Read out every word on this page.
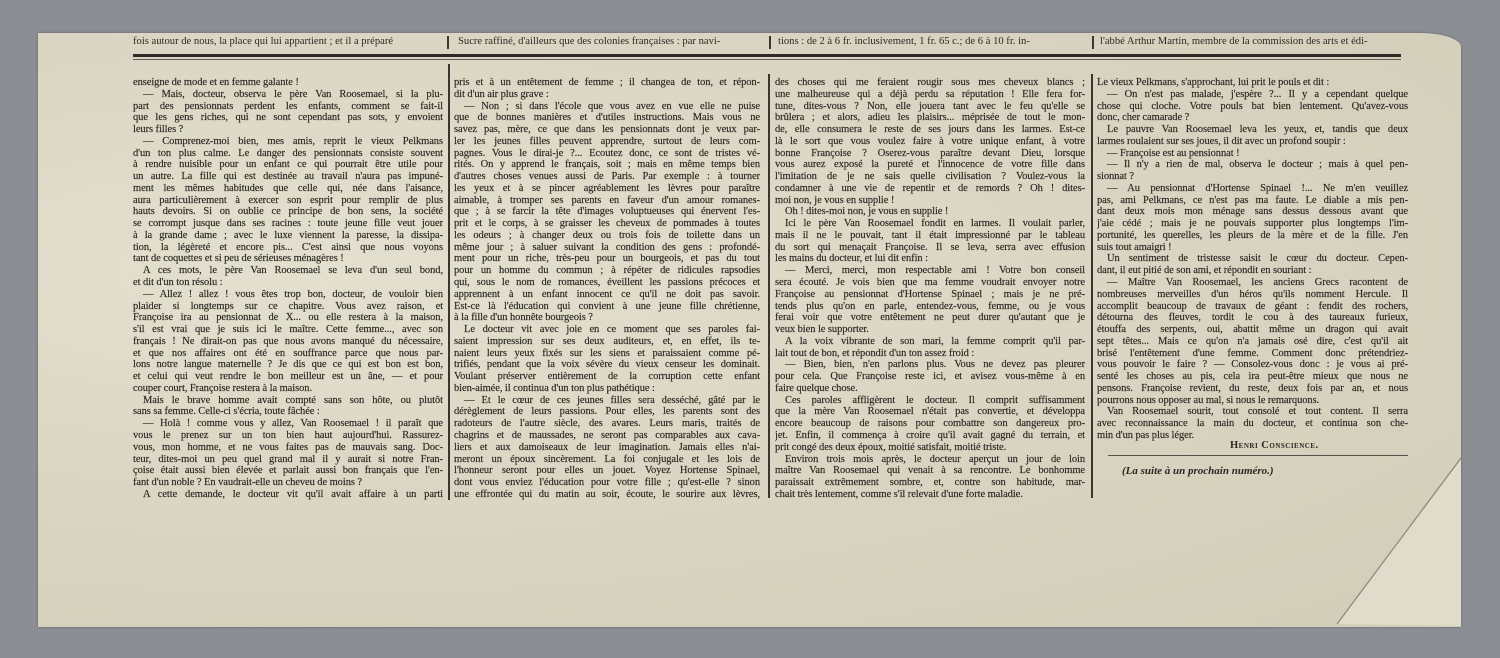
fois autour de nous, la place qui lui appartient ; et il a préparé	Sucre raffiné, d'ailleurs que des colonies françaises : par navi-	tions : de 2 à 6 fr. inclusivement, 1 fr. 65 c.; de 6 à 10 fr. in-	l'abbé Arthur Martin, membre de la commission des arts et édi-
enseigne de mode et en femme galante !
— Mais, docteur, observa le père Van Roosemael, si la plu-
part des pensionnats perdent les enfants, comment se fait-il
que les gens riches, qui ne sont cependant pas sots, y envoient
leurs filles ?
— Comprenez-moi bien, mes amis, reprit le vieux Pelkmans
d'un ton plus calme. Le danger des pensionnats consiste souvent
à rendre nuisible pour un enfant ce qui pourrait être utile pour
un autre. La fille qui est destinée au travail n'aura pas impuné-
ment les mêmes habitudes que celle qui, née dans l'aisance,
aura particulièrement à exercer son esprit pour remplir de plus
hauts devoirs. Si on oublie ce principe de bon sens, la société
se corrompt jusque dans ses racines : toute jeune fille veut jouer
à la grande dame ; avec le luxe viennent la paresse, la dissipa-
tion, la légèreté et encore pis... C'est ainsi que nous voyons
tant de coquettes et si peu de sérieuses ménagères !
A ces mots, le père Van Roosemael se leva d'un seul bond,
et dit d'un ton résolu :
— Allez ! allez ! vous êtes trop bon, docteur, de vouloir bien
plaider si longtemps sur ce chapitre. Vous avez raison, et
Françoise ira au pensionnat de X... ou elle restera à la maison,
s'il est vrai que je suis ici le maître. Cette femme..., avec son
français ! Ne dirait-on pas que nous avons manqué du nécessaire,
et que nos affaires ont été en souffrance parce que nous par-
lons notre langue maternelle ? Je dis que ce qui est bon est bon,
et celui qui veut rendre le bon meilleur est un âne, — et pour
couper court, Françoise restera à la maison.
Mais le brave homme avait compté sans son hôte, ou plutôt
sans sa femme. Celle-ci s'écria, toute fâchée :
— Holà ! comme vous y allez, Van Roosemael ! il paraît que
vous le prenez sur un ton bien haut aujourd'hui. Rassurez-
vous, mon homme, et ne vous faites pas de mauvais sang. Doc-
teur, dites-moi un peu quel grand mal il y aurait si notre Fran-
çoise était aussi bien élevée et parlait aussi bon français que l'en-
fant d'un noble ? En vaudrait-elle un cheveu de moins ?
A cette demande, le docteur vit qu'il avait affaire à un parti
pris et à un entêtement de femme ; il changea de ton, et répon-
dit d'un air plus grave :
— Non ; si dans l'école que vous avez en vue elle ne puise
que de bonnes manières et d'utiles instructions. Mais vous ne
savez pas, mère, ce que dans les pensionnats dont je veux par-
ler les jeunes filles peuvent apprendre, surtout de leurs com-
pagnes. Vous le dirai-je ?... Ecoutez donc, ce sont de tristes vé-
rités. On y apprend le français, soit ; mais en même temps bien
d'autres choses venues aussi de Paris. Par exemple : à tourner
les yeux et à se pincer agréablement les lèvres pour paraître
aimable, à tromper ses parents en faveur d'un amour romanes-
que ; à se farcir la tête d'images voluptueuses qui énervent l'es-
prit et le corps, à se graisser les cheveux de pommades à toutes
les odeurs ; à changer deux ou trois fois de toilette dans un
même jour ; à saluer suivant la condition des gens : profondé-
ment pour un riche, très-peu pour un bourgeois, et pas du tout
pour un homme du commun ; à répéter de ridicules rapsodies
qui, sous le nom de romances, éveillent les passions précoces et
apprennent à un enfant innocent ce qu'il ne doit pas savoir.
Est-ce là l'éducation qui convient à une jeune fille chrétienne,
à la fille d'un honnête bourgeois ?
Le docteur vit avec joie en ce moment que ses paroles fai-
saient impression sur ses deux auditeurs, et, en effet, ils te-
naient leurs yeux fixés sur les siens et paraissaient comme pé-
trifiés, pendant que la voix sévère du vieux censeur les dominait.
Voulant préserver entièrement de la corruption cette enfant
bien-aimée, il continua d'un ton plus pathétique :
— Et le cœur de ces jeunes filles sera desséché, gâté par le
dérèglement de leurs passions. Pour elles, les parents sont des
radoteurs de l'autre siècle, des avares. Leurs maris, traités de
chagrins et de maussades, ne seront pas comparables aux cava-
liers et aux damoiseaux de leur imagination. Jamais elles n'ai-
meront un époux sincèrement. La foi conjugale et les lois de
l'honneur seront pour elles un jouet. Voyez Hortense Spinael,
dont vous enviez l'éducation pour votre fille ; qu'est-elle ? sinon
une effrontée qui du matin au soir, écoute, le sourire aux lèvres,
des choses qui me feraient rougir sous mes cheveux blancs ;
une malheureuse qui a déjà perdu sa réputation ! Elle fera for-
tune, dites-vous ? Non, elle jouera tant avec le feu qu'elle se
brûlera ; et alors, adieu les plaisirs... méprisée de tout le mon-
de, elle consumera le reste de ses jours dans les larmes. Est-ce
là le sort que vous voulez faire à votre unique enfant, à votre
bonne Françoise ? Oserez-vous paraître devant Dieu, lorsque
vous aurez exposé la pureté et l'innocence de votre fille dans
l'imitation de je ne sais quelle civilisation ? Voulez-vous la
condamner à une vie de repentir et de remords ? Oh ! dites-
moi non, je vous en supplie !
Oh ! dites-moi non, je vous en supplie !
Ici le père Van Roosemael fondit en larmes. Il voulait parler,
mais il ne le pouvait, tant il était impressionné par le tableau
du sort qui menaçait Françoise. Il se leva, serra avec effusion
les mains du docteur, et lui dit enfin :
— Merci, merci, mon respectable ami ! Votre bon conseil
sera écouté. Je vois bien que ma femme voudrait envoyer notre
Françoise au pensionnat d'Hortense Spinael ; mais je ne pré-
tends plus qu'on en parle, entendez-vous, femme, ou je vous
ferai voir que votre entêtement ne peut durer qu'autant que je
veux bien le supporter.
A la voix vibrante de son mari, la femme comprit qu'il par-
lait tout de bon, et répondit d'un ton assez froid :
— Bien, bien, n'en parlons plus. Vous ne devez pas pleurer
pour cela. Que Françoise reste ici, et avisez vous-même à en
faire quelque chose.
Ces paroles affligèrent le docteur. Il comprit suffisamment
que la mère Van Roosemael n'était pas convertie, et développa
encore beaucoup de raisons pour combattre son dangereux pro-
jet. Enfin, il commença à croire qu'il avait gagné du terrain, et
prit congé des deux époux, moitié satisfait, moitié triste.
Environ trois mois après, le docteur aperçut un jour de loin
maître Van Roosemael qui venait à sa rencontre. Le bonhomme
paraissait extrêmement sombre, et, contre son habitude, mar-
chait très lentement, comme s'il relevait d'une forte maladie.
Le vieux Pelkmans, s'approchant, lui prit le pouls et dit :
— On n'est pas malade, j'espère ?... Il y a cependant quelque
chose qui cloche. Votre pouls bat bien lentement. Qu'avez-vous
donc, cher camarade ?
Le pauvre Van Roosemael leva les yeux, et, tandis que deux
larmes roulaient sur ses joues, il dit avec un profond soupir :
— Françoise est au pensionnat !
— Il n'y a rien de mal, observa le docteur ; mais à quel pen-
sionnat ?
— Au pensionnat d'Hortense Spinael !... Ne m'en veuillez
pas, ami Pelkmans, ce n'est pas ma faute. Le diable a mis pen-
dant deux mois mon ménage sans dessus dessous avant que
j'aie cédé ; mais je ne pouvais supporter plus longtemps l'im-
portunité, les querelles, les pleurs de la mère et de la fille. J'en
suis tout amaigri !
Un sentiment de tristesse saisit le cœur du docteur. Cepen-
dant, il eut pitié de son ami, et répondit en souriant :
— Maître Van Roosemael, les anciens Grecs racontent de
nombreuses merveilles d'un héros qu'ils nomment Hercule. Il
accomplit beaucoup de travaux de géant : fendit des rochers,
détourna des fleuves, tordit le cou à des taureaux furieux,
étouffa des serpents, oui, abattit même un dragon qui avait
sept têtes... Mais ce qu'on n'a jamais osé dire, c'est qu'il ait
brisé l'entêtement d'une femme. Comment donc prétendriez-
vous pouvoir le faire ? — Consolez-vous donc : je vous ai pré-
senté les choses au pis, cela ira peut-être mieux que nous ne
pensons. Françoise revient, du reste, deux fois par an, et nous
pourrons nous opposer au mal, si nous le remarquons.
Van Roosemael sourit, tout consolé et tout content. Il serra
avec reconnaissance la main du docteur, et continua son che-
min d'un pas plus léger.
Henri Conscience.
(La suite à un prochain numéro.)
